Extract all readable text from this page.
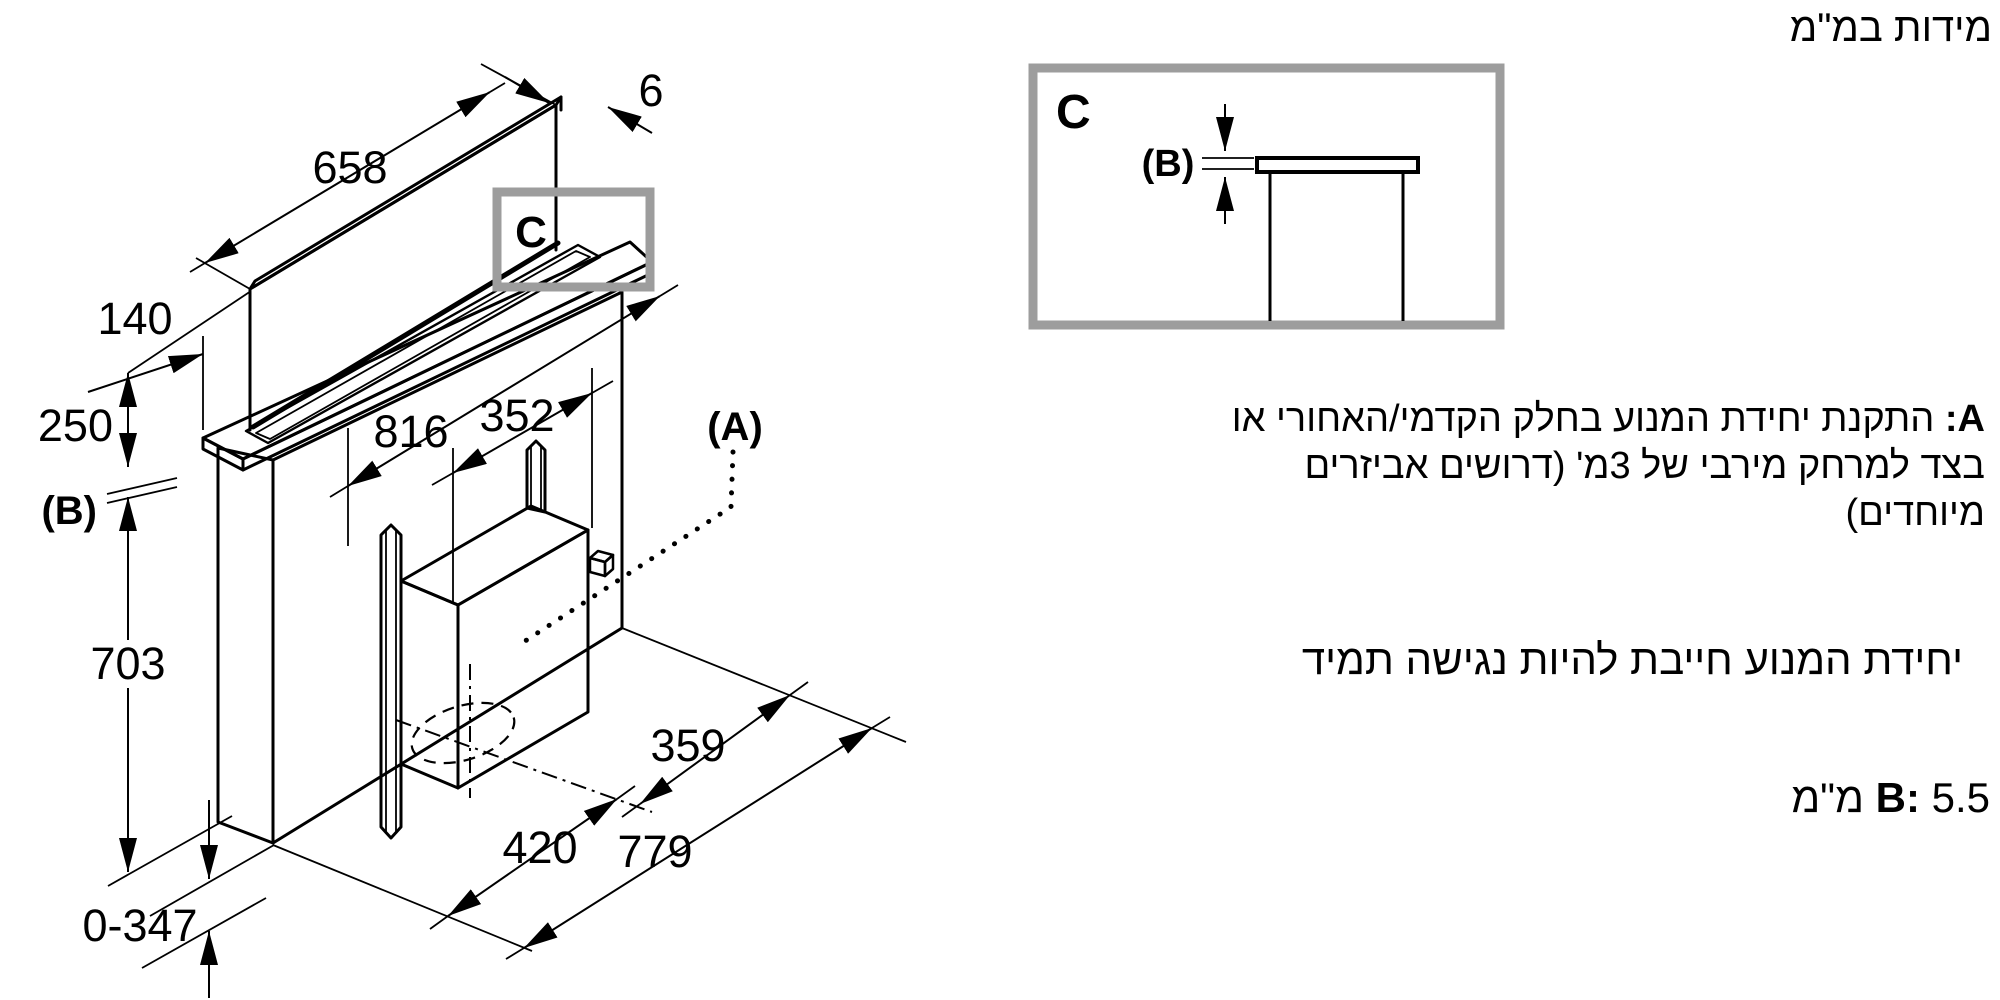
658
6
140
250
(B)
703
0-347
816 352	(A)
359
420 779
C
C
(B)
מידות במ"מ
A: התקנת יחידת המנוע בחלק הקדמי/האחורי או
בצד למרחק מירבי של 3מ' (דרושים אביזרים
מיוחדים)
יחידת המנוע חייבת להיות נגישה תמיד
B: 5.5 מ"מ
